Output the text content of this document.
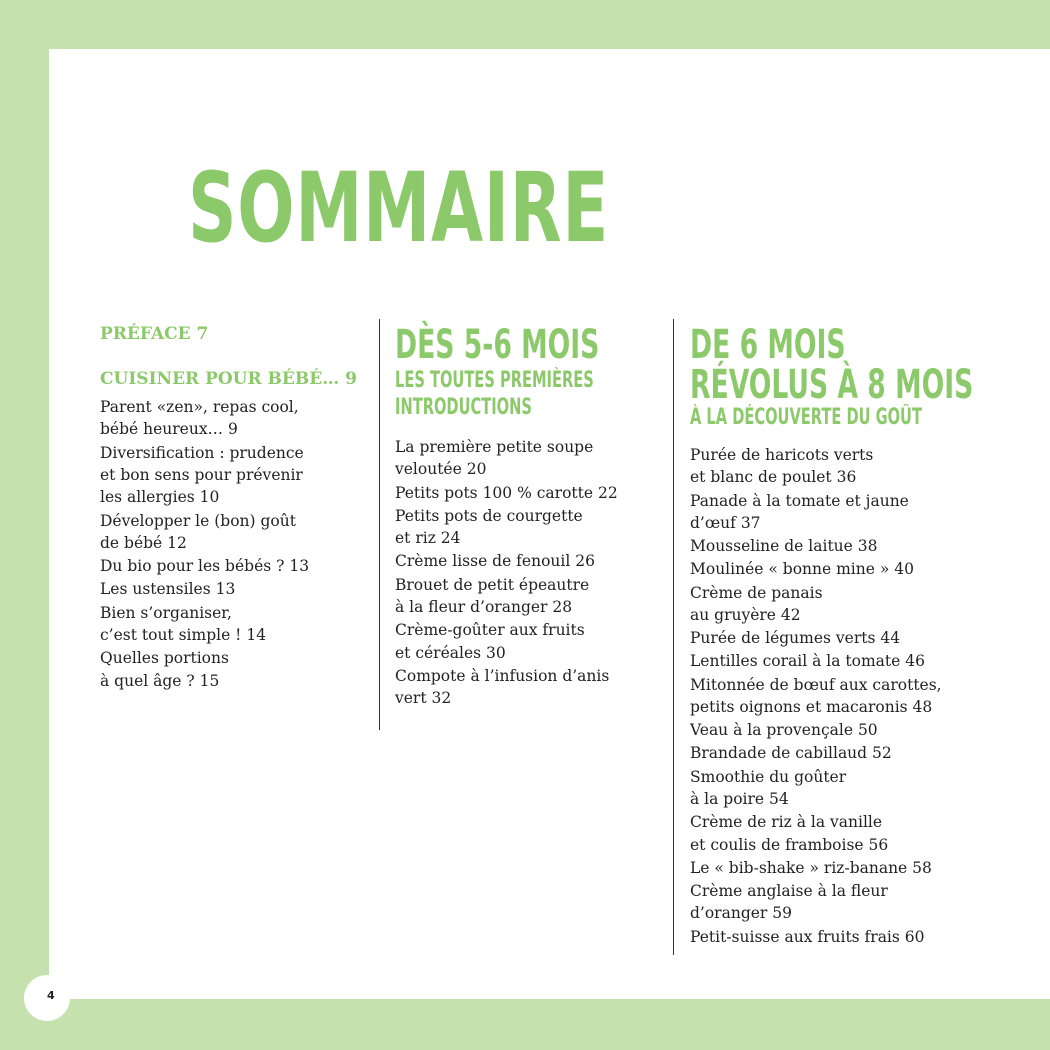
4
SOMMAIRE

PRÉFACE 7

CUISINER POUR BÉBÉ… 9

Parent «zen», repas cool,
bébé heureux… 9
Diversification : prudence
et bon sens pour prévenir
les allergies 10
Développer le (bon) goût
de bébé 12
Du bio pour les bébés ? 13
Les ustensiles 13
Bien s’organiser,
c’est tout simple ! 14
Quelles portions
à quel âge ? 15

DÈS 5-6 MOIS

LES TOUTES PREMIÈRES

INTRODUCTIONS

La première petite soupe
veloutée 20
Petits pots 100 % carotte 22
Petits pots de courgette
et riz 24
Crème lisse de fenouil 26
Brouet de petit épeautre
à la fleur d’oranger 28
Crème-goûter aux fruits
et céréales 30
Compote à l’infusion d’anis
vert 32

DE 6 MOIS

RÉVOLUS À 8 MOIS

À LA DÉCOUVERTE DU GOÛT

Purée de haricots verts
et blanc de poulet 36
Panade à la tomate et jaune
d’œuf 37
Mousseline de laitue 38
Moulinée « bonne mine » 40
Crème de panais
au gruyère 42
Purée de légumes verts 44
Lentilles corail à la tomate 46
Mitonnée de bœuf aux carottes,
petits oignons et macaronis 48
Veau à la provençale 50
Brandade de cabillaud 52
Smoothie du goûter
à la poire 54
Crème de riz à la vanille
et coulis de framboise 56
Le « bib-shake » riz-banane 58
Crème anglaise à la fleur
d’oranger 59
Petit-suisse aux fruits frais 60
